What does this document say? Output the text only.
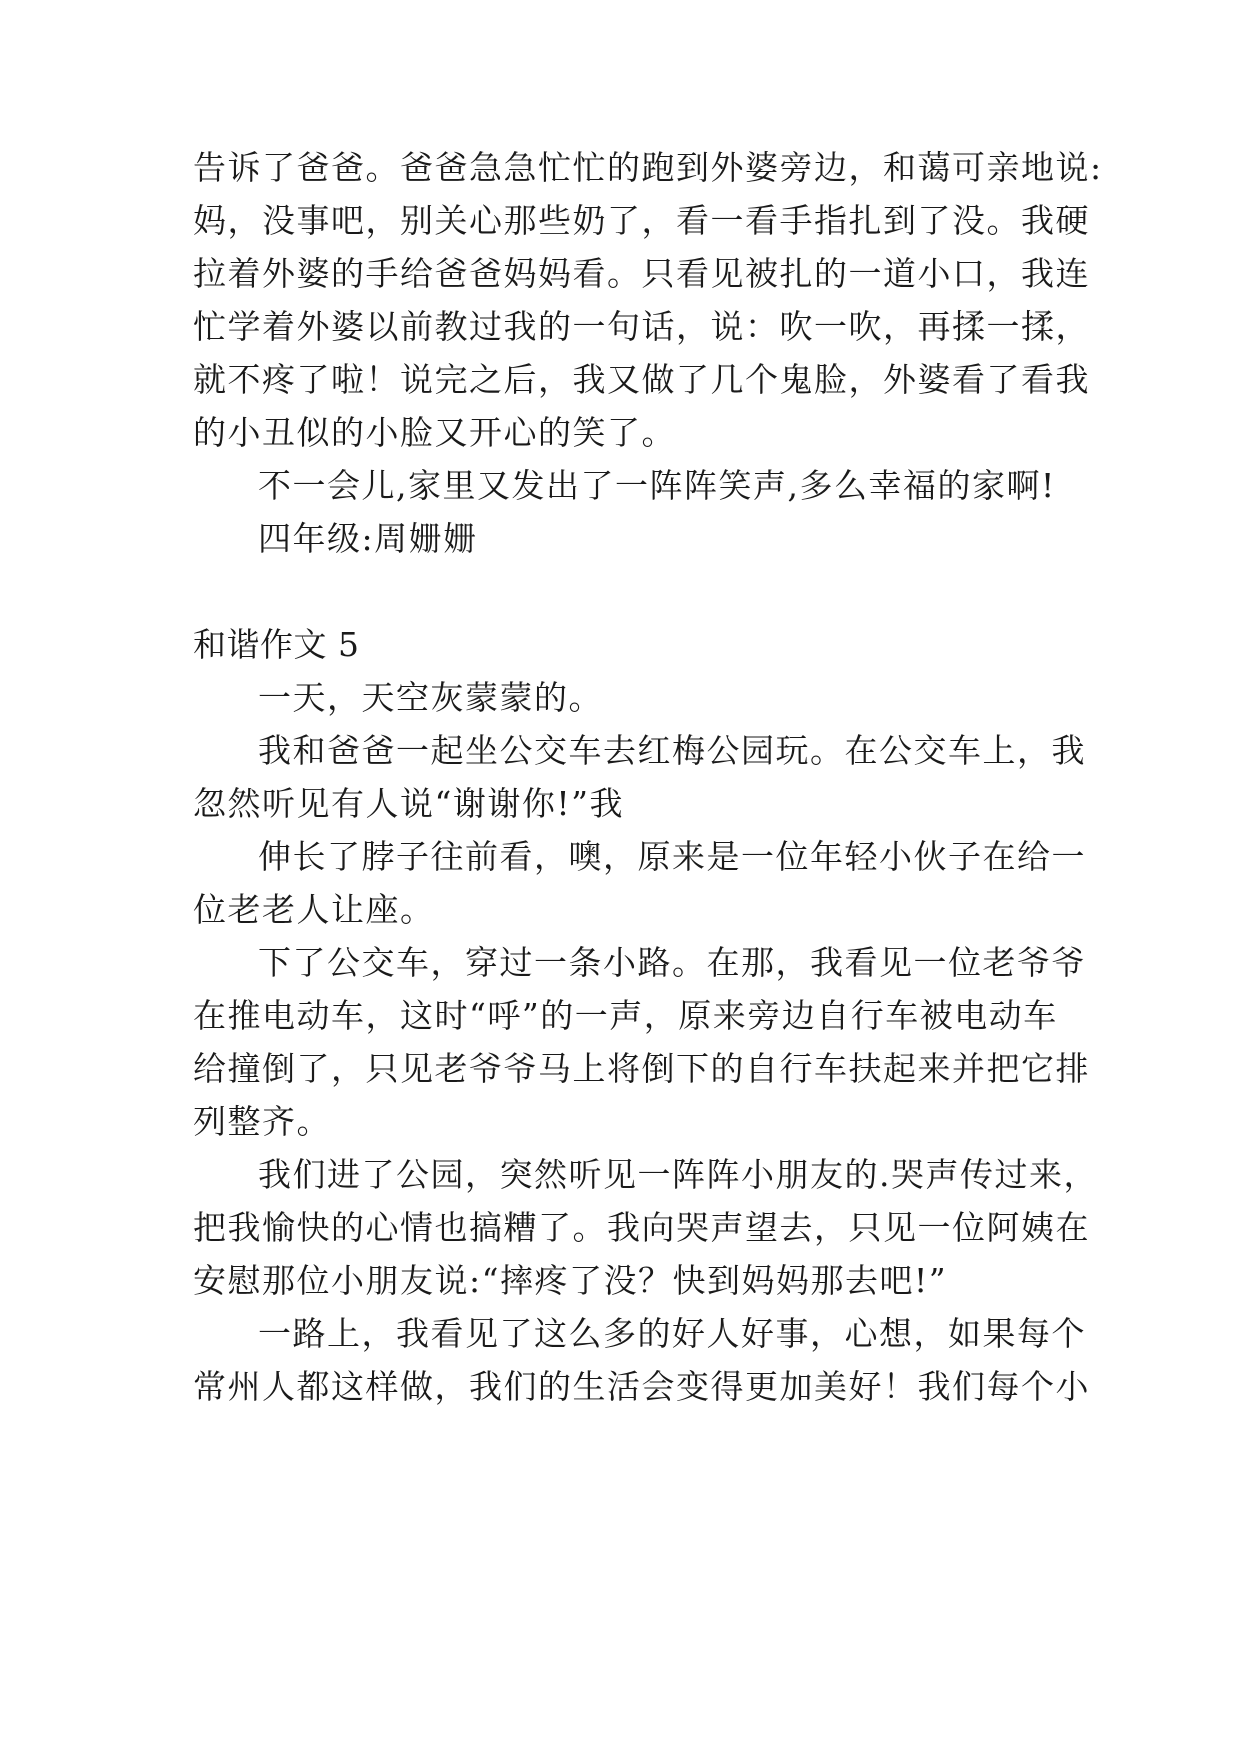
告诉了爸爸。爸爸急急忙忙的跑到外婆旁边，和蔼可亲地说:
妈，没事吧，别关心那些奶了，看一看手指扎到了没。我硬
拉着外婆的手给爸爸妈妈看。只看见被扎的一道小口，我连
忙学着外婆以前教过我的一句话，说：吹一吹，再揉一揉，
就不疼了啦！说完之后，我又做了几个鬼脸，外婆看了看我
的小丑似的小脸又开心的笑了。
不一会儿,家里又发出了一阵阵笑声,多么幸福的家啊!
四年级:周姗姗
和谐作文 5
一天，天空灰蒙蒙的。
我和爸爸一起坐公交车去红梅公园玩。在公交车上，我
忽然听见有人说“谢谢你!”我
伸长了脖子往前看，噢，原来是一位年轻小伙子在给一
位老老人让座。
下了公交车，穿过一条小路。在那，我看见一位老爷爷
在推电动车，这时“呼”的一声，原来旁边自行车被电动车
给撞倒了，只见老爷爷马上将倒下的自行车扶起来并把它排
列整齐。
我们进了公园，突然听见一阵阵小朋友的.哭声传过来，
把我愉快的心情也搞糟了。我向哭声望去，只见一位阿姨在
安慰那位小朋友说:“摔疼了没？快到妈妈那去吧!”
一路上，我看见了这么多的好人好事，心想，如果每个
常州人都这样做，我们的生活会变得更加美好！我们每个小
